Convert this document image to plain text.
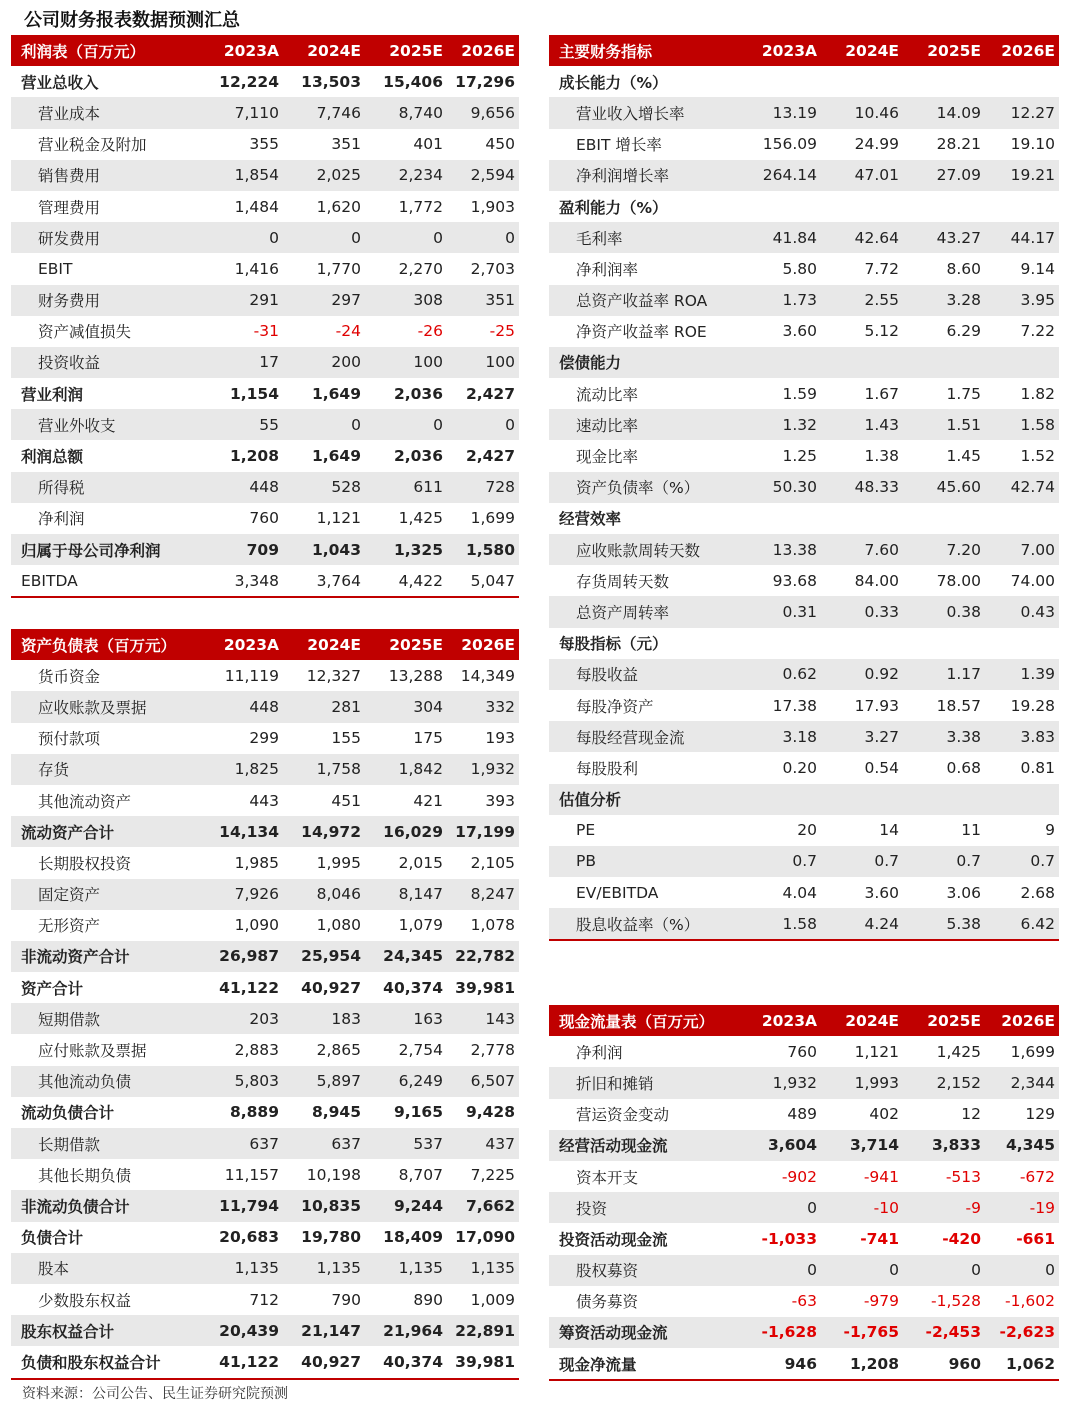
公司财务报表数据预测汇总
利润表（百万元）	2023A	2024E	2025E	2026E
营业总收入	12,224	13,503	15,406	17,296
营业成本	7,110	7,746	8,740	9,656
营业税金及附加	355	351	401	450
销售费用	1,854	2,025	2,234	2,594
管理费用	1,484	1,620	1,772	1,903
研发费用	0	0	0	0
EBIT	1,416	1,770	2,270	2,703
财务费用	291	297	308	351
资产减值损失	-31	-24	-26	-25
投资收益	17	200	100	100
营业利润	1,154	1,649	2,036	2,427
营业外收支	55	0	0	0
利润总额	1,208	1,649	2,036	2,427
所得税	448	528	611	728
净利润	760	1,121	1,425	1,699
归属于母公司净利润	709	1,043	1,325	1,580
EBITDA	3,348	3,764	4,422	5,047
资产负债表（百万元）	2023A	2024E	2025E	2026E
货币资金	11,119	12,327	13,288	14,349
应收账款及票据	448	281	304	332
预付款项	299	155	175	193
存货	1,825	1,758	1,842	1,932
其他流动资产	443	451	421	393
流动资产合计	14,134	14,972	16,029	17,199
长期股权投资	1,985	1,995	2,015	2,105
固定资产	7,926	8,046	8,147	8,247
无形资产	1,090	1,080	1,079	1,078
非流动资产合计	26,987	25,954	24,345	22,782
资产合计	41,122	40,927	40,374	39,981
短期借款	203	183	163	143
应付账款及票据	2,883	2,865	2,754	2,778
其他流动负债	5,803	5,897	6,249	6,507
流动负债合计	8,889	8,945	9,165	9,428
长期借款	637	637	537	437
其他长期负债	11,157	10,198	8,707	7,225
非流动负债合计	11,794	10,835	9,244	7,662
负债合计	20,683	19,780	18,409	17,090
股本	1,135	1,135	1,135	1,135
少数股东权益	712	790	890	1,009
股东权益合计	20,439	21,147	21,964	22,891
负债和股东权益合计	41,122	40,927	40,374	39,981
主要财务指标	2023A	2024E	2025E	2026E
成长能力（%）				
营业收入增长率	13.19	10.46	14.09	12.27
EBIT 增长率	156.09	24.99	28.21	19.10
净利润增长率	264.14	47.01	27.09	19.21
盈利能力（%）				
毛利率	41.84	42.64	43.27	44.17
净利润率	5.80	7.72	8.60	9.14
总资产收益率 ROA	1.73	2.55	3.28	3.95
净资产收益率 ROE	3.60	5.12	6.29	7.22
偿债能力				
流动比率	1.59	1.67	1.75	1.82
速动比率	1.32	1.43	1.51	1.58
现金比率	1.25	1.38	1.45	1.52
资产负债率（%）	50.30	48.33	45.60	42.74
经营效率				
应收账款周转天数	13.38	7.60	7.20	7.00
存货周转天数	93.68	84.00	78.00	74.00
总资产周转率	0.31	0.33	0.38	0.43
每股指标（元）				
每股收益	0.62	0.92	1.17	1.39
每股净资产	17.38	17.93	18.57	19.28
每股经营现金流	3.18	3.27	3.38	3.83
每股股利	0.20	0.54	0.68	0.81
估值分析				
PE	20	14	11	9
PB	0.7	0.7	0.7	0.7
EV/EBITDA	4.04	3.60	3.06	2.68
股息收益率（%）	1.58	4.24	5.38	6.42
现金流量表（百万元）	2023A	2024E	2025E	2026E
净利润	760	1,121	1,425	1,699
折旧和摊销	1,932	1,993	2,152	2,344
营运资金变动	489	402	12	129
经营活动现金流	3,604	3,714	3,833	4,345
资本开支	-902	-941	-513	-672
投资	0	-10	-9	-19
投资活动现金流	-1,033	-741	-420	-661
股权募资	0	0	0	0
债务募资	-63	-979	-1,528	-1,602
筹资活动现金流	-1,628	-1,765	-2,453	-2,623
现金净流量	946	1,208	960	1,062
资料来源：公司公告、民生证券研究院预测
